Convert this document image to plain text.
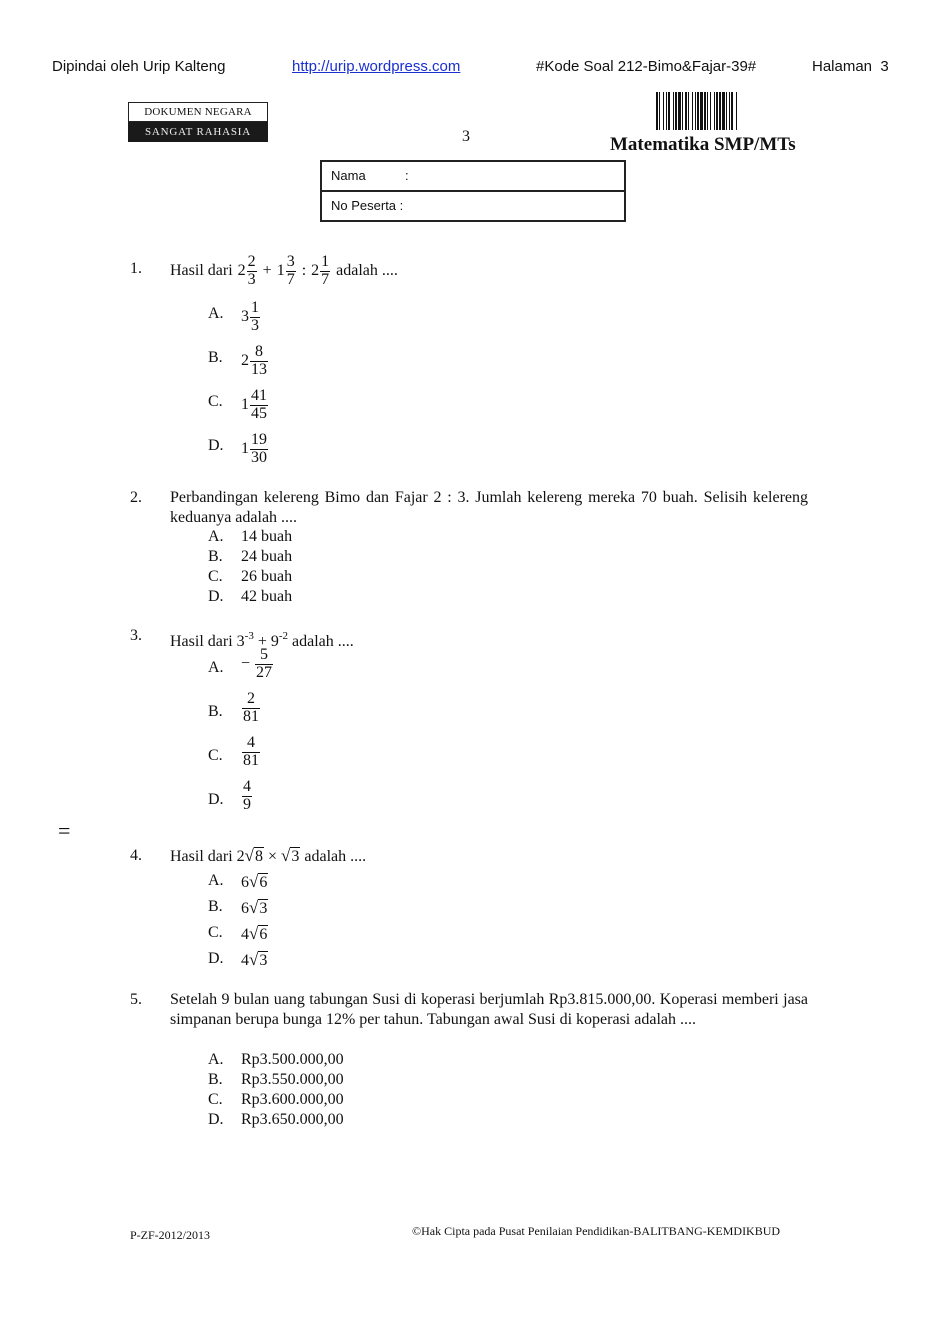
Dipindai oleh Urip Kalteng	http://urip.wordpress.com	#Kode Soal 212-Bimo&Fajar-39#	Halaman 3
DOKUMEN NEGARA
SANGAT RAHASIA	3	Matematika SMP/MTs
Nama	:
No Peserta :
1. Hasil dari $2 \frac{2}{3} + 1 \frac{3}{7}$ : $2 \frac{1}{7}$ adalah ....
A. $3 \frac{1}{3}$
B. $2 \frac{8}{13}$
C. $1 \frac{41}{45}$
D. $1 \frac{19}{30}$
2. Perbandingan kelereng Bimo dan Fajar 2 : 3. Jumlah kelereng mereka 70 buah. Selisih kelereng keduanya adalah ....
A. 14 buah
B. 24 buah
C. 26 buah
D. 42 buah
3. Hasil dari $3^{-3} + 9^{-2}$ adalah ....
A. − $\frac{5}{27}$
B. $\frac{2}{81}$
C. $\frac{4}{81}$
D. $\frac{4}{9}$
=
4. Hasil dari 2√8 × √3 adalah ....
A. 6√6
B. 6√3
C. 4√6
D. 4√3
5. Setelah 9 bulan uang tabungan Susi di koperasi berjumlah Rp3.815.000,00. Koperasi memberi jasa simpanan berupa bunga 12% per tahun. Tabungan awal Susi di koperasi adalah ....
A. Rp3.500.000,00
B. Rp3.550.000,00
C. Rp3.600.000,00
D. Rp3.650.000,00
P-ZF-2012/2013	©Hak Cipta pada Pusat Penilaian Pendidikan-BALITBANG-KEMDIKBUD
